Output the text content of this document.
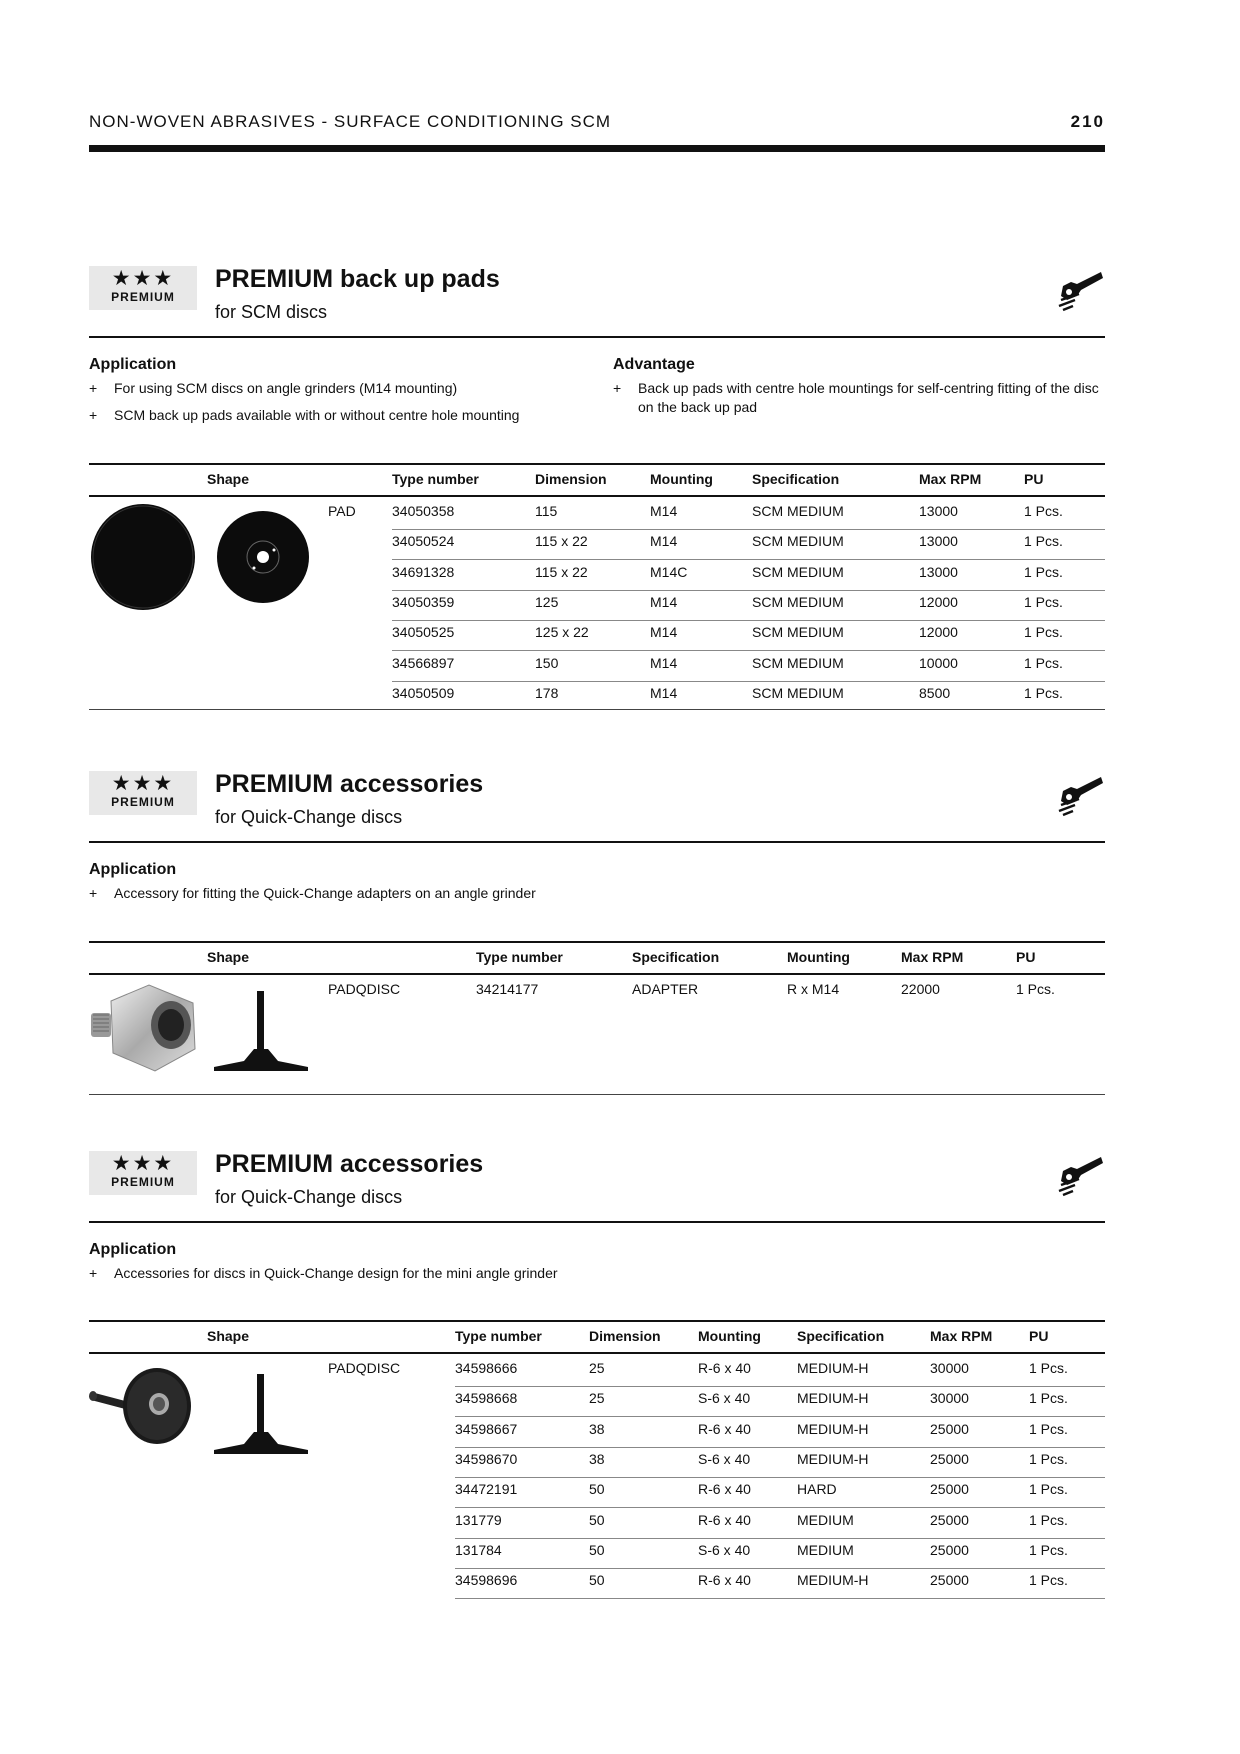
NON-WOVEN ABRASIVES - SURFACE CONDITIONING SCM	210
★★★
PREMIUM
PREMIUM back up pads
for SCM discs
Application
+ For using SCM discs on angle grinders (M14 mounting)
+ SCM back up pads available with or without centre hole mounting
Advantage
+ Back up pads with centre hole mountings for self-centring fitting of the disc on the back up pad
Shape	Type number	Dimension	Mounting	Specification	Max RPM	PU
PAD	34050358	115	M14	SCM MEDIUM	13000	1 Pcs.
34050524	115 x 22	M14	SCM MEDIUM	13000	1 Pcs.
34691328	115 x 22	M14C	SCM MEDIUM	13000	1 Pcs.
34050359	125	M14	SCM MEDIUM	12000	1 Pcs.
34050525	125 x 22	M14	SCM MEDIUM	12000	1 Pcs.
34566897	150	M14	SCM MEDIUM	10000	1 Pcs.
34050509	178	M14	SCM MEDIUM	8500	1 Pcs.
★★★
PREMIUM
PREMIUM accessories
for Quick-Change discs
Application
+ Accessory for fitting the Quick-Change adapters on an angle grinder
Shape	Type number	Specification	Mounting	Max RPM	PU
PADQDISC	34214177	ADAPTER	R x M14	22000	1 Pcs.
★★★
PREMIUM
PREMIUM accessories
for Quick-Change discs
Application
+ Accessories for discs in Quick-Change design for the mini angle grinder
Shape	Type number	Dimension	Mounting	Specification	Max RPM	PU
PADQDISC	34598666	25	R-6 x 40	MEDIUM-H	30000	1 Pcs.
34598668	25	S-6 x 40	MEDIUM-H	30000	1 Pcs.
34598667	38	R-6 x 40	MEDIUM-H	25000	1 Pcs.
34598670	38	S-6 x 40	MEDIUM-H	25000	1 Pcs.
34472191	50	R-6 x 40	HARD	25000	1 Pcs.
131779	50	R-6 x 40	MEDIUM	25000	1 Pcs.
131784	50	S-6 x 40	MEDIUM	25000	1 Pcs.
34598696	50	R-6 x 40	MEDIUM-H	25000	1 Pcs.
